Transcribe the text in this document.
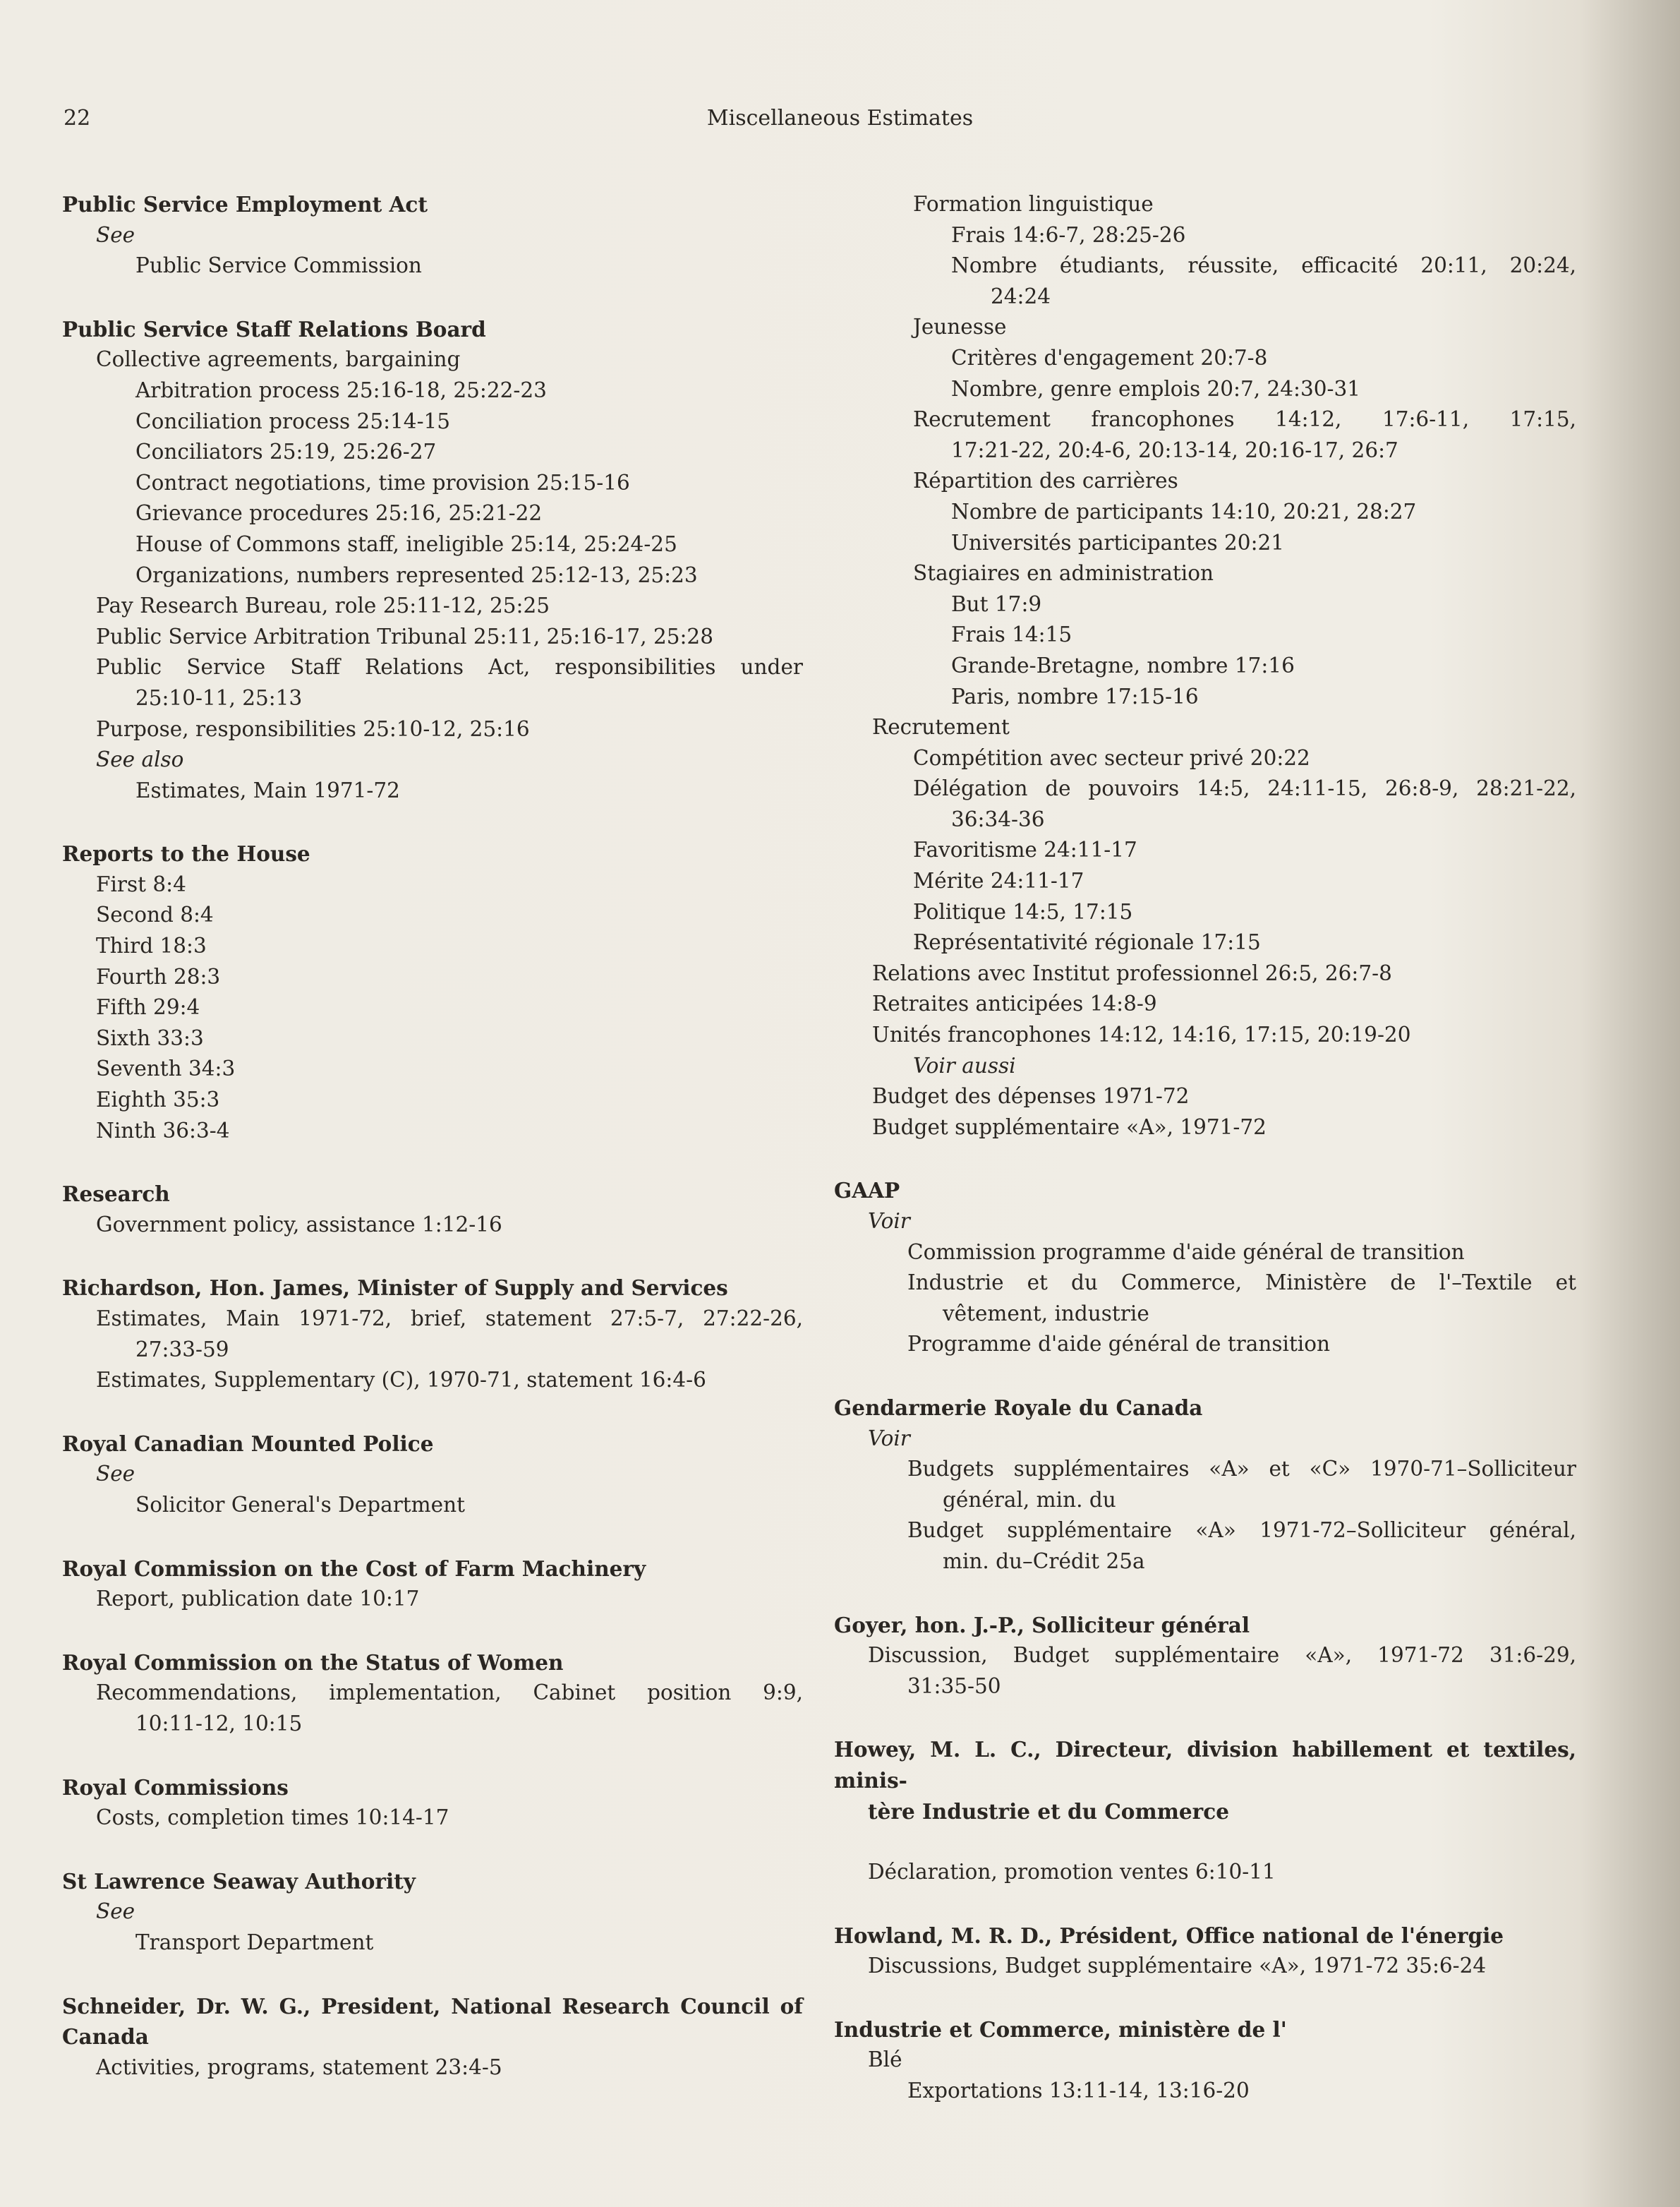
22	Miscellaneous Estimates
Public Service Employment Act
See
Public Service Commission
Public Service Staff Relations Board
Collective agreements, bargaining
Arbitration process 25:16-18, 25:22-23
Conciliation process 25:14-15
Conciliators 25:19, 25:26-27
Contract negotiations, time provision 25:15-16
Grievance procedures 25:16, 25:21-22
House of Commons staff, ineligible 25:14, 25:24-25
Organizations, numbers represented 25:12-13, 25:23
Pay Research Bureau, role 25:11-12, 25:25
Public Service Arbitration Tribunal 25:11, 25:16-17, 25:28
Public Service Staff Relations Act, responsibilities under
25:10-11, 25:13
Purpose, responsibilities 25:10-12, 25:16
See also
Estimates, Main 1971-72
Reports to the House
First 8:4
Second 8:4
Third 18:3
Fourth 28:3
Fifth 29:4
Sixth 33:3
Seventh 34:3
Eighth 35:3
Ninth 36:3-4
Research
Government policy, assistance 1:12-16
Richardson, Hon. James, Minister of Supply and Services
Estimates, Main 1971-72, brief, statement 27:5-7, 27:22-26,
27:33-59
Estimates, Supplementary (C), 1970-71, statement 16:4-6
Royal Canadian Mounted Police
See
Solicitor General's Department
Royal Commission on the Cost of Farm Machinery
Report, publication date 10:17
Royal Commission on the Status of Women
Recommendations, implementation, Cabinet position 9:9,
10:11-12, 10:15
Royal Commissions
Costs, completion times 10:14-17
St Lawrence Seaway Authority
See
Transport Department
Schneider, Dr. W. G., President, National Research Council of
Canada
Activities, programs, statement 23:4-5
Formation linguistique
Frais 14:6-7, 28:25-26
Nombre étudiants, réussite, efficacité 20:11, 20:24,
24:24
Jeunesse
Critères d'engagement 20:7-8
Nombre, genre emplois 20:7, 24:30-31
Recrutement francophones 14:12, 17:6-11, 17:15,
17:21-22, 20:4-6, 20:13-14, 20:16-17, 26:7
Répartition des carrières
Nombre de participants 14:10, 20:21, 28:27
Universités participantes 20:21
Stagiaires en administration
But 17:9
Frais 14:15
Grande-Bretagne, nombre 17:16
Paris, nombre 17:15-16
Recrutement
Compétition avec secteur privé 20:22
Délégation de pouvoirs 14:5, 24:11-15, 26:8-9, 28:21-22,
36:34-36
Favoritisme 24:11-17
Mérite 24:11-17
Politique 14:5, 17:15
Représentativité régionale 17:15
Relations avec Institut professionnel 26:5, 26:7-8
Retraites anticipées 14:8-9
Unités francophones 14:12, 14:16, 17:15, 20:19-20
Voir aussi
Budget des dépenses 1971-72
Budget supplémentaire «A», 1971-72
GAAP
Voir
Commission programme d'aide général de transition
Industrie et du Commerce, Ministère de l'–Textile et
vêtement, industrie
Programme d'aide général de transition
Gendarmerie Royale du Canada
Voir
Budgets supplémentaires «A» et «C» 1970-71–Solliciteur
général, min. du
Budget supplémentaire «A» 1971-72–Solliciteur général,
min. du–Crédit 25a
Goyer, hon. J.-P., Solliciteur général
Discussion, Budget supplémentaire «A», 1971-72 31:6-29,
31:35-50
Howey, M. L. C., Directeur, division habillement et textiles, minis-
tère Industrie et du Commerce
Déclaration, promotion ventes 6:10-11
Howland, M. R. D., Président, Office national de l'énergie
Discussions, Budget supplémentaire «A», 1971-72 35:6-24
Industrie et Commerce, ministère de l'
Blé
Exportations 13:11-14, 13:16-20
